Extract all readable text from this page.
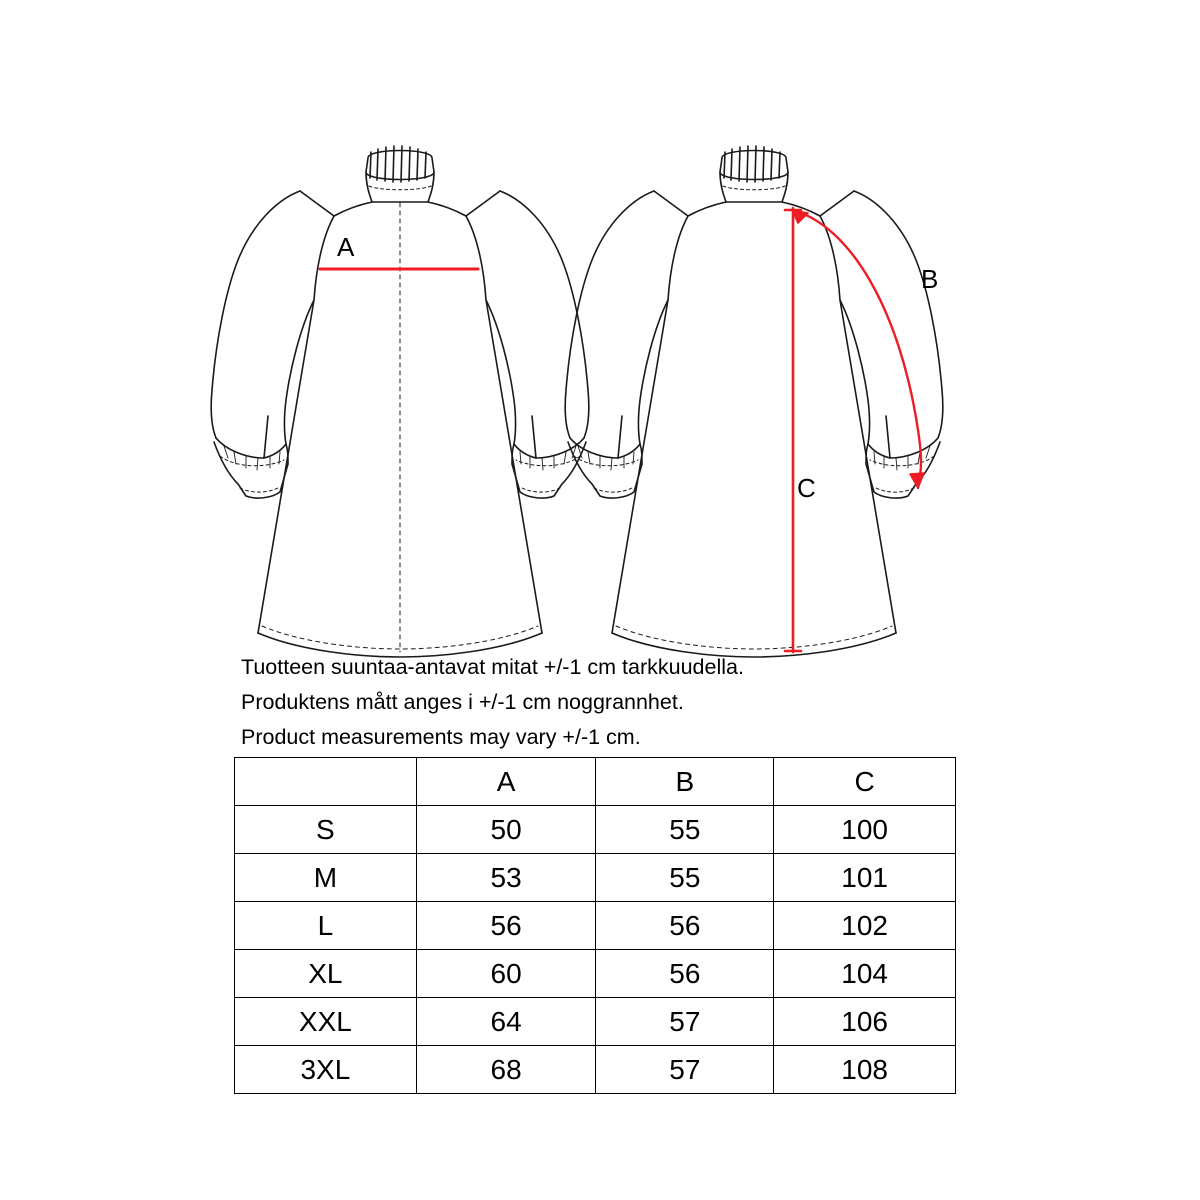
A
B
C

Tuotteen suuntaa-antavat mitat +/-1 cm tarkkuudella.

Produktens mått anges i +/-1 cm noggrannhet.

Product measurements may vary +/-1 cm.

	A	B	C
S	50	55	100
M	53	55	101
L	56	56	102
XL	60	56	104
XXL	64	57	106
3XL	68	57	108
